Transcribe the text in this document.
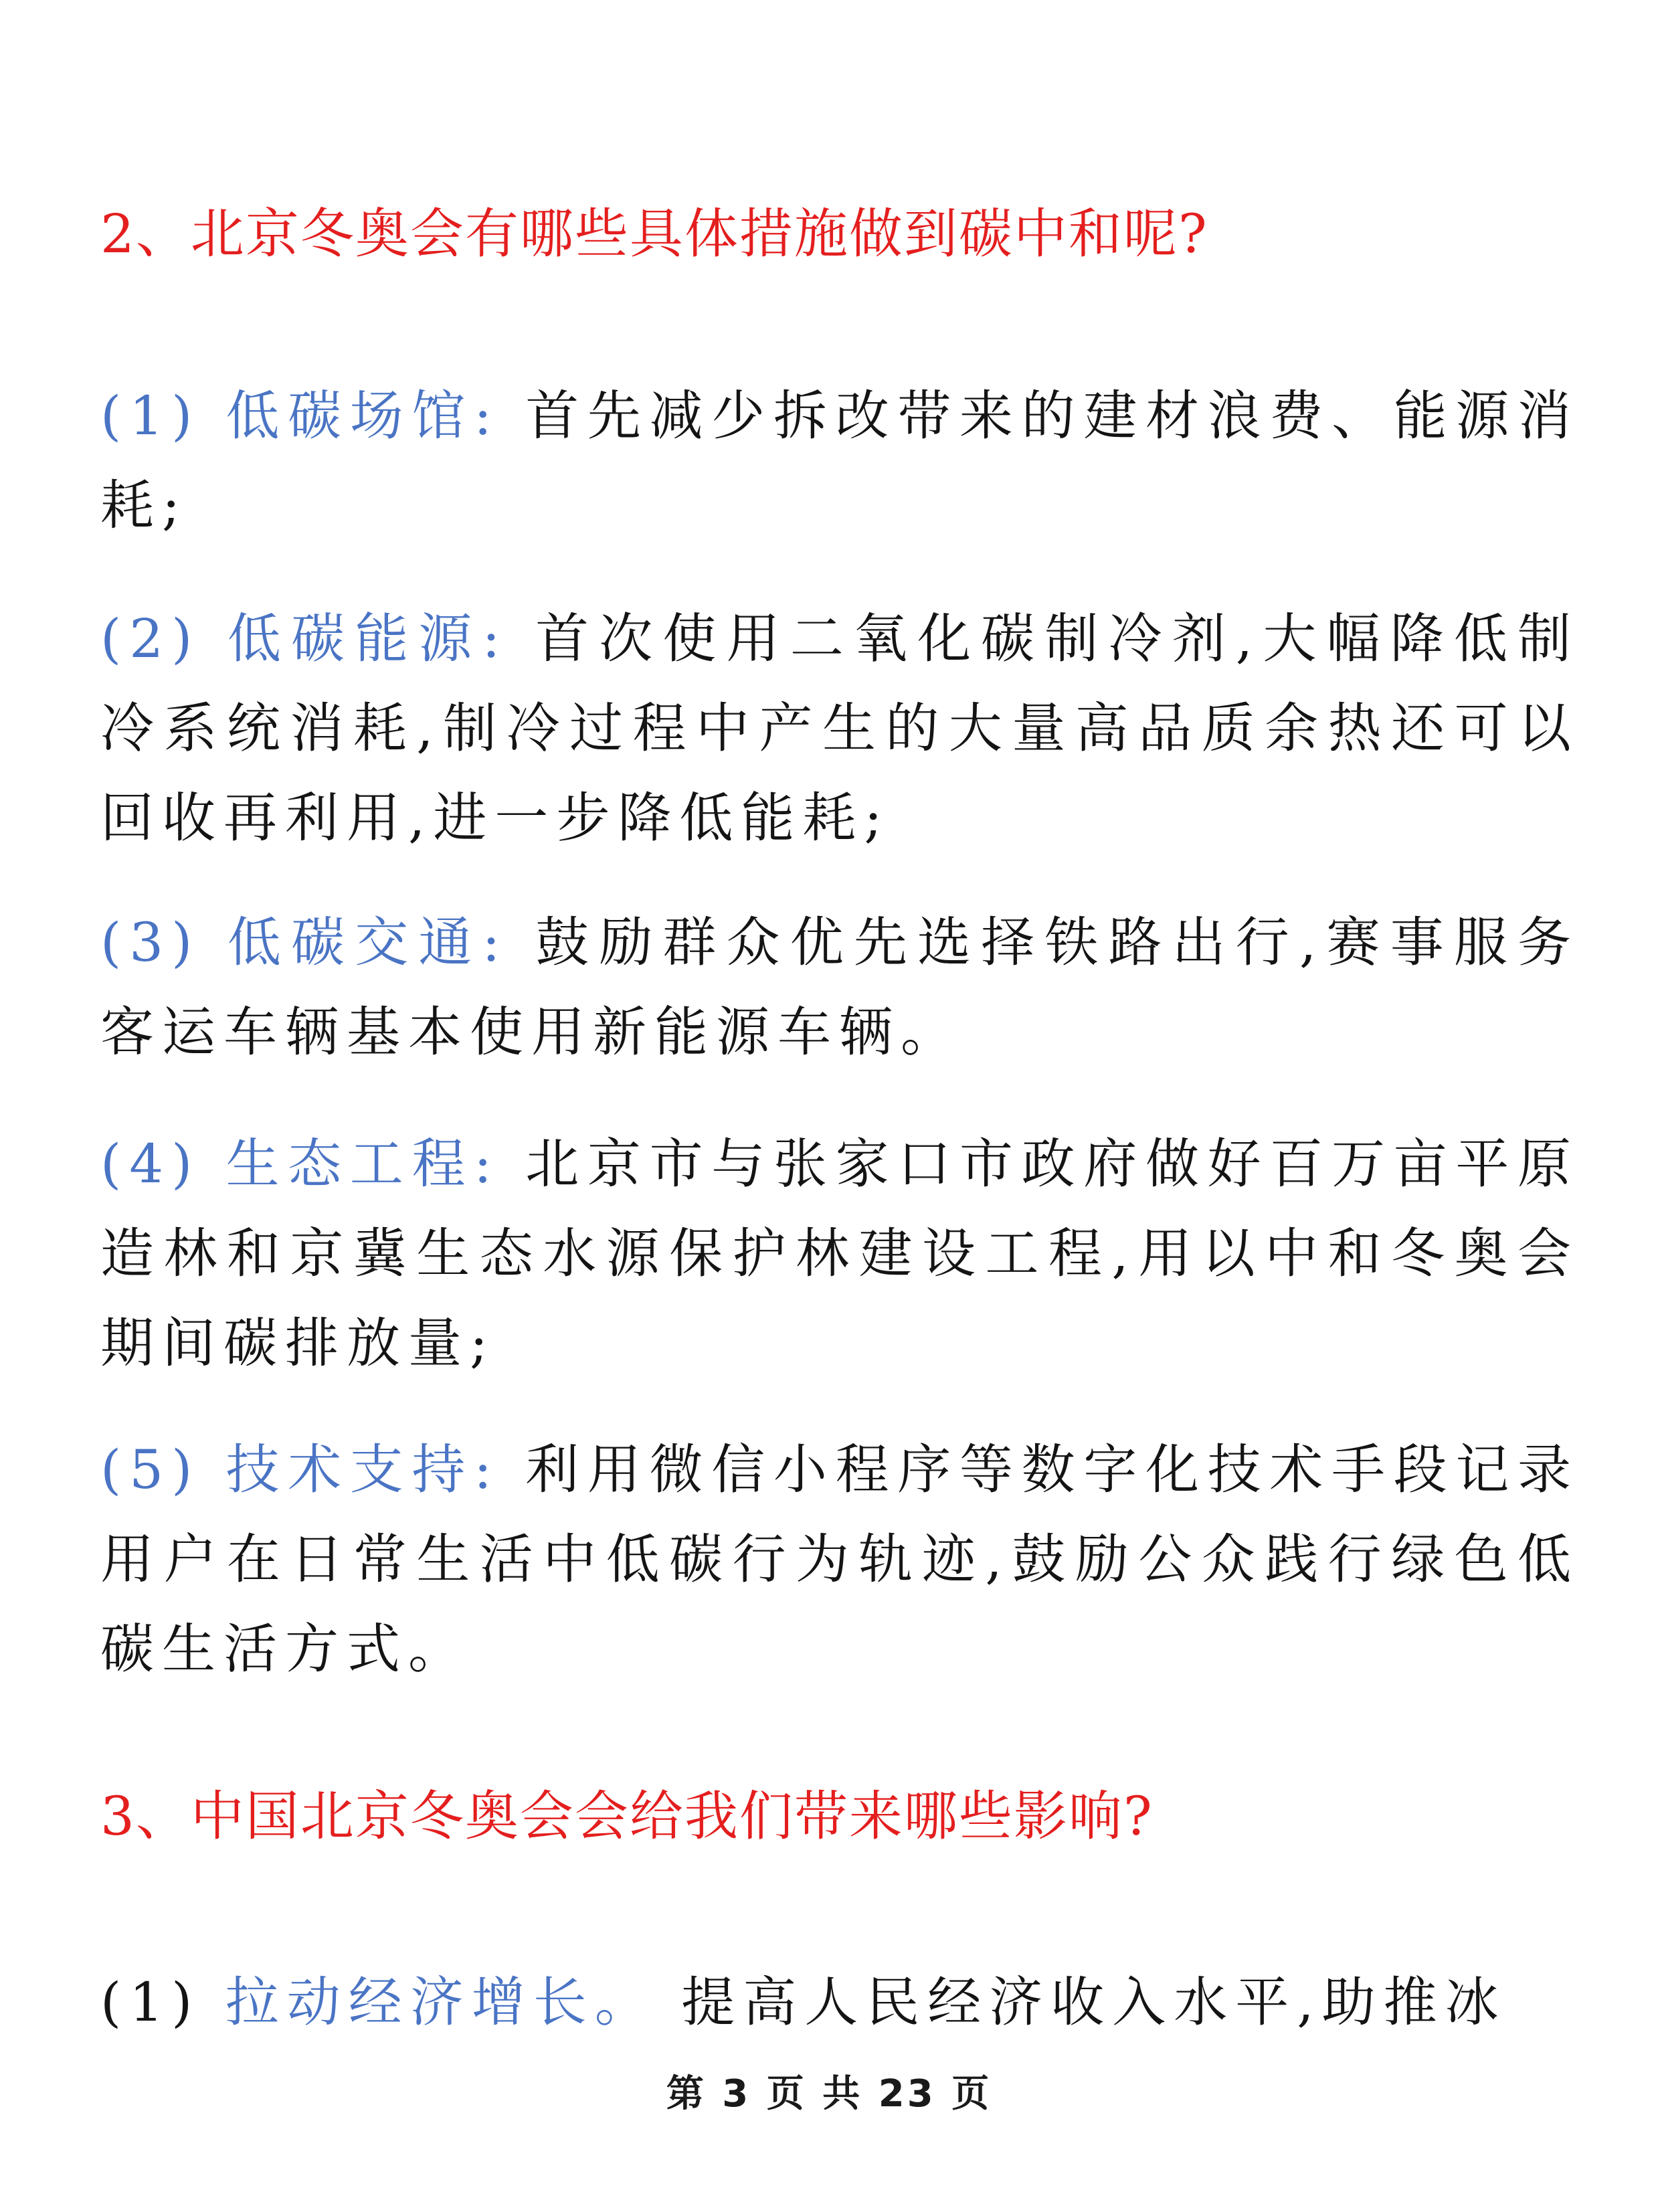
2、北京冬奥会有哪些具体措施做到碳中和呢?
(1) 低碳场馆: 首先减少拆改带来的建材浪费、能源消耗;
(2) 低碳能源: 首次使用二氧化碳制冷剂,大幅降低制冷系统消耗,制冷过程中产生的大量高品质余热还可以回收再利用,进一步降低能耗;
(3) 低碳交通: 鼓励群众优先选择铁路出行,赛事服务客运车辆基本使用新能源车辆。
(4) 生态工程: 北京市与张家口市政府做好百万亩平原造林和京冀生态水源保护林建设工程,用以中和冬奥会期间碳排放量;
(5) 技术支持: 利用微信小程序等数字化技术手段记录用户在日常生活中低碳行为轨迹,鼓励公众践行绿色低碳生活方式。
3、中国北京冬奥会会给我们带来哪些影响?
(1) 拉动经济增长。 提高人民经济收入水平,助推冰
第 3 页 共 23 页
